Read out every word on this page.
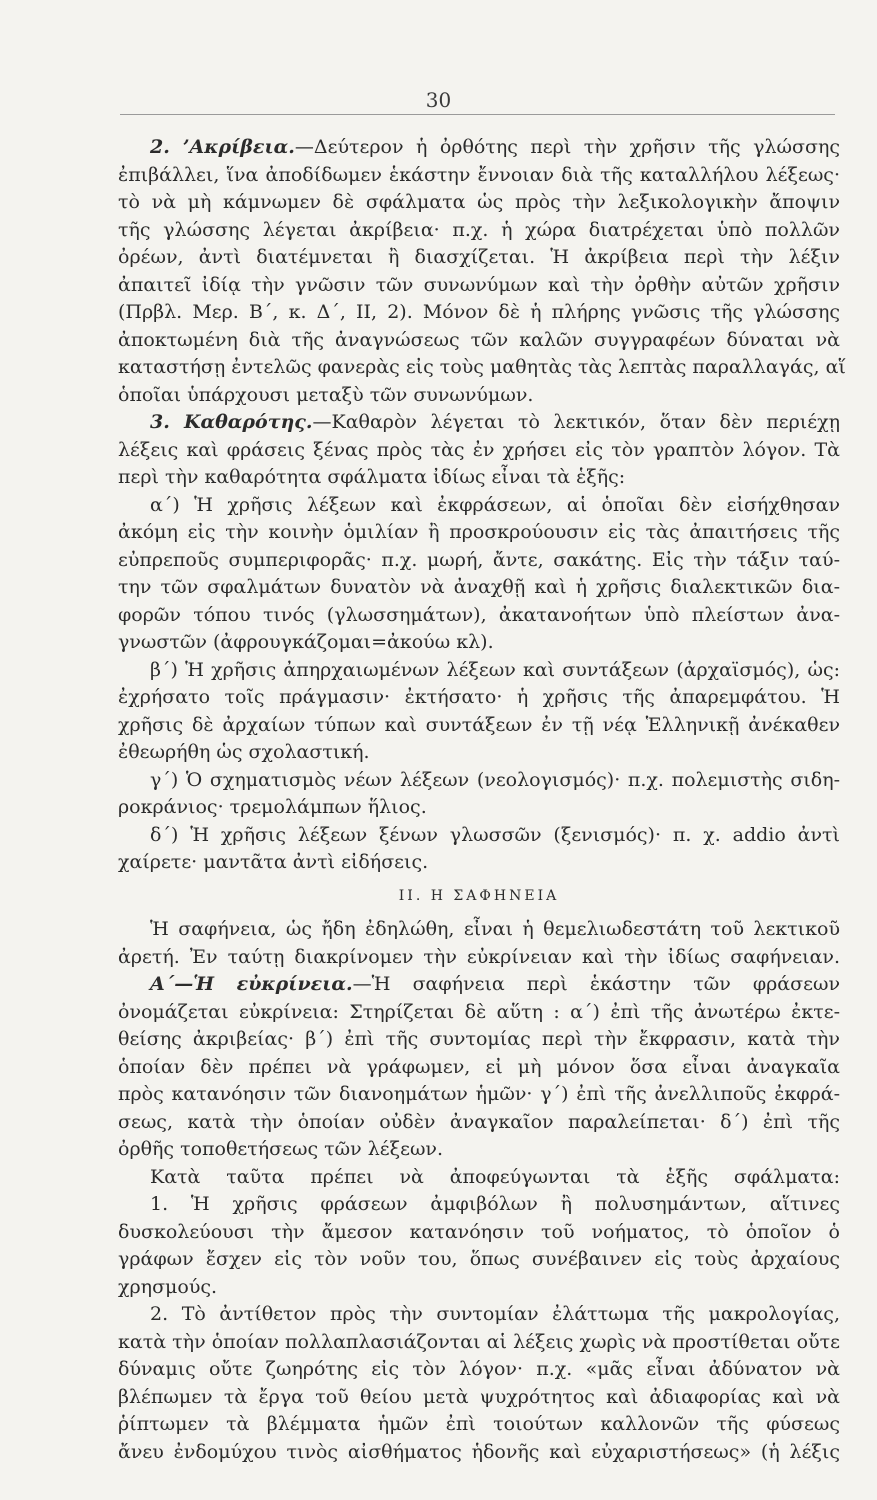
30
2. ’Ακρίβεια.—Δεύτερον ἡ ὀρθότης περὶ τὴν χρῆσιν τῆς γλώσσης
ἐπιβάλλει, ἵνα ἀποδίδωμεν ἑκάστην ἔννοιαν διὰ τῆς καταλλήλου λέξεως·
τὸ νὰ μὴ κάμνωμεν δὲ σφάλματα ὡς πρὸς τὴν λεξικολογικὴν ἄποψιν
τῆς γλώσσης λέγεται ἀκρίβεια· π.χ. ἡ χώρα διατρέχεται ὑπὸ πολλῶν
ὀρέων, ἀντὶ διατέμνεται ἢ διασχίζεται. Ἡ ἀκρίβεια περὶ τὴν λέξιν
ἀπαιτεῖ ἰδίᾳ τὴν γνῶσιν τῶν συνωνύμων καὶ τὴν ὀρθὴν αὐτῶν χρῆσιν
(Πρβλ. Μερ. Β΄, κ. Δ΄, ΙΙ, 2). Μόνον δὲ ἡ πλήρης γνῶσις τῆς γλώσσης
ἀποκτωμένη διὰ τῆς ἀναγνώσεως τῶν καλῶν συγγραφέων δύναται νὰ
καταστήσῃ ἐντελῶς φανερὰς εἰς τοὺς μαθητὰς τὰς λεπτὰς παραλλαγάς, αἵ
ὁποῖαι ὑπάρχουσι μεταξὺ τῶν συνωνύμων.
3. Καθαρότης.—Καθαρὸν λέγεται τὸ λεκτικόν, ὅταν δὲν περιέχῃ
λέξεις καὶ φράσεις ξένας πρὸς τὰς ἐν χρήσει εἰς τὸν γραπτὸν λόγον. Τὰ
περὶ τὴν καθαρότητα σφάλματα ἰδίως εἶναι τὰ ἑξῆς:
α΄) Ἡ χρῆσις λέξεων καὶ ἐκφράσεων, αἱ ὁποῖαι δὲν εἰσήχθησαν
ἀκόμη εἰς τὴν κοινὴν ὁμιλίαν ἢ προσκρούουσιν εἰς τὰς ἀπαιτήσεις τῆς
εὐπρεποῦς συμπεριφορᾶς· π.χ. μωρή, ἄντε, σακάτης. Εἰς τὴν τάξιν ταύ-
την τῶν σφαλμάτων δυνατὸν νὰ ἀναχθῇ καὶ ἡ χρῆσις διαλεκτικῶν δια-
φορῶν τόπου τινός (γλωσσημάτων), ἀκατανοήτων ὑπὸ πλείστων ἀνα-
γνωστῶν (ἀφρουγκάζομαι=ἀκούω κλ).
β΄) Ἡ χρῆσις ἀπηρχαιωμένων λέξεων καὶ συντάξεων (ἀρχαϊσμός), ὡς:
ἐχρήσατο τοῖς πράγμασιν· ἐκτήσατο· ἡ χρῆσις τῆς ἀπαρεμφάτου. Ἡ
χρῆσις δὲ ἀρχαίων τύπων καὶ συντάξεων ἐν τῇ νέᾳ Ἑλληνικῇ ἀνέκαθεν
ἐθεωρήθη ὡς σχολαστική.
γ΄) Ὁ σχηματισμὸς νέων λέξεων (νεολογισμός)· π.χ. πολεμιστὴς σιδη-
ροκράνιος· τρεμολάμπων ἥλιος.
δ΄) Ἡ χρῆσις λέξεων ξένων γλωσσῶν (ξενισμός)· π. χ. addio ἀντὶ
χαίρετε· μαντᾶτα ἀντὶ εἰδήσεις.
ΙΙ. Η ΣΑΦΗΝΕΙΑ
Ἡ σαφήνεια, ὡς ἤδη ἐδηλώθη, εἶναι ἡ θεμελιωδεστάτη τοῦ λεκτικοῦ
ἀρετή. Ἐν ταύτῃ διακρίνομεν τὴν εὐκρίνειαν καὶ τὴν ἰδίως σαφήνειαν.
Α΄—Ἡ εὐκρίνεια.—Ἡ σαφήνεια περὶ ἑκάστην τῶν φράσεων
ὀνομάζεται εὐκρίνεια: Στηρίζεται δὲ αὕτη : α΄) ἐπὶ τῆς ἀνωτέρω ἐκτε-
θείσης ἀκριβείας· β΄) ἐπὶ τῆς συντομίας περὶ τὴν ἔκφρασιν, κατὰ τὴν
ὁποίαν δὲν πρέπει νὰ γράφωμεν, εἰ μὴ μόνον ὅσα εἶναι ἀναγκαῖα
πρὸς κατανόησιν τῶν διανοημάτων ἡμῶν· γ΄) ἐπὶ τῆς ἀνελλιποῦς ἐκφρά-
σεως, κατὰ τὴν ὁποίαν οὐδὲν ἀναγκαῖον παραλείπεται· δ΄) ἐπὶ τῆς
ὀρθῆς τοποθετήσεως τῶν λέξεων.
Κατὰ ταῦτα πρέπει νὰ ἀποφεύγωνται τὰ ἑξῆς σφάλματα:
1. Ἡ χρῆσις φράσεων ἀμφιβόλων ἢ πολυσημάντων, αἵτινες
δυσκολεύουσι τὴν ἄμεσον κατανόησιν τοῦ νοήματος, τὸ ὁποῖον ὁ
γράφων ἔσχεν εἰς τὸν νοῦν του, ὅπως συνέβαινεν εἰς τοὺς ἀρχαίους
χρησμούς.
2. Τὸ ἀντίθετον πρὸς τὴν συντομίαν ἐλάττωμα τῆς μακρολογίας,
κατὰ τὴν ὁποίαν πολλαπλασιάζονται αἱ λέξεις χωρὶς νὰ προστίθεται οὔτε
δύναμις οὔτε ζωηρότης εἰς τὸν λόγον· π.χ. «μᾶς εἶναι ἀδύνατον νὰ
βλέπωμεν τὰ ἔργα τοῦ θείου μετὰ ψυχρότητος καὶ ἀδιαφορίας καὶ νὰ
ῥίπτωμεν τὰ βλέμματα ἡμῶν ἐπὶ τοιούτων καλλονῶν τῆς φύσεως
ἄνευ ἐνδομύχου τινὸς αἰσθήματος ἡδονῆς καὶ εὐχαριστήσεως» (ἡ λέξις
